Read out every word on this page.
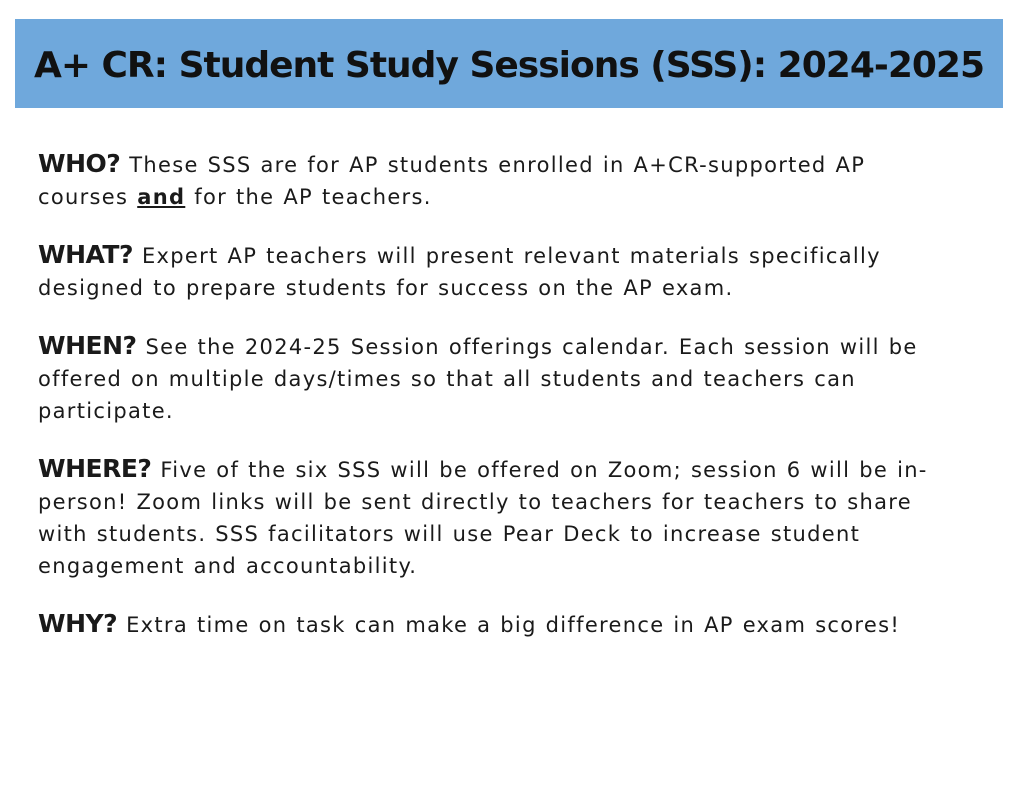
A+ CR: Student Study Sessions (SSS): 2024-2025

WHO? These SSS are for AP students enrolled in A+CR-supported AP courses and for the AP teachers.

WHAT? Expert AP teachers will present relevant materials specifically designed to prepare students for success on the AP exam.

WHEN? See the 2024-25 Session offerings calendar. Each session will be offered on multiple days/times so that all students and teachers can participate.

WHERE? Five of the six SSS will be offered on Zoom; session 6 will be in-person! Zoom links will be sent directly to teachers for teachers to share with students. SSS facilitators will use Pear Deck to increase student engagement and accountability.

WHY? Extra time on task can make a big difference in AP exam scores!
